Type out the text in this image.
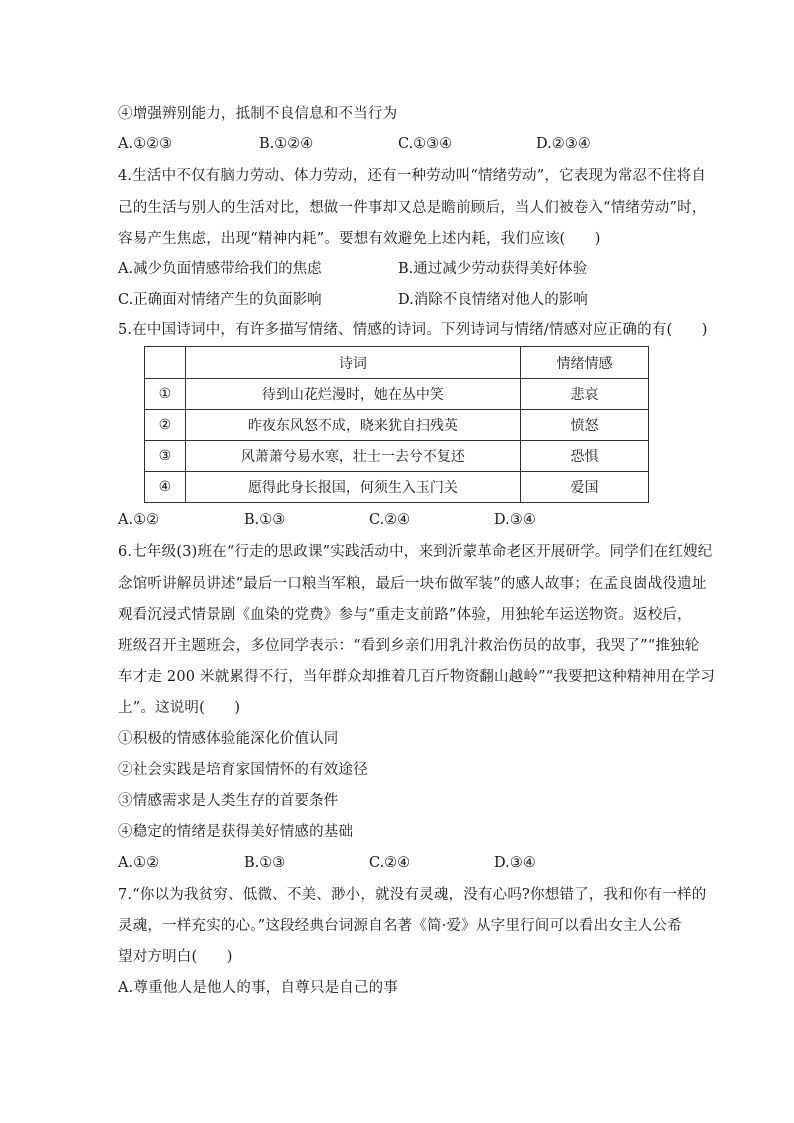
④增强辨别能力，抵制不良信息和不当行为
A.①②③	B.①②④	C.①③④	D.②③④
4.生活中不仅有脑力劳动、体力劳动，还有一种劳动叫“情绪劳动”，它表现为常忍不住将自
己的生活与别人的生活对比，想做一件事却又总是瞻前顾后，当人们被卷入“情绪劳动”时，
容易产生焦虑，出现“精神内耗”。要想有效避免上述内耗，我们应该(　　)
A.减少负面情感带给我们的焦虑	B.通过减少劳动获得美好体验
C.正确面对情绪产生的负面影响	D.消除不良情绪对他人的影响
5.在中国诗词中，有许多描写情绪、情感的诗词。下列诗词与情绪/情感对应正确的有(　　)
	诗词	情绪情感
①	待到山花烂漫时，她在丛中笑	悲哀
②	昨夜东风怒不成，晓来犹自扫残英	愤怒
③	风萧萧兮易水寒，壮士一去兮不复还	恐惧
④	愿得此身长报国，何须生入玉门关	爱国
A.①②	B.①③	C.②④	D.③④
6.七年级(3)班在“行走的思政课”实践活动中，来到沂蒙革命老区开展研学。同学们在红嫂纪
念馆听讲解员讲述“最后一口粮当军粮，最后一块布做军装”的感人故事；在孟良崮战役遗址
观看沉浸式情景剧《血染的党费》参与“重走支前路”体验，用独轮车运送物资。返校后，
班级召开主题班会，多位同学表示：“看到乡亲们用乳汁救治伤员的故事，我哭了”“推独轮
车才走 200 米就累得不行，当年群众却推着几百斤物资翻山越岭”“我要把这种精神用在学习
上”。这说明(　　)
①积极的情感体验能深化价值认同
②社会实践是培育家国情怀的有效途径
③情感需求是人类生存的首要条件
④稳定的情绪是获得美好情感的基础
A.①②	B.①③	C.②④	D.③④
7.“你以为我贫穷、低微、不美、渺小，就没有灵魂，没有心吗?你想错了，我和你有一样的
灵魂，一样充实的心。”这段经典台词源自名著《简·爱》从字里行间可以看出女主人公希
望对方明白(　　)
A.尊重他人是他人的事，自尊只是自己的事
